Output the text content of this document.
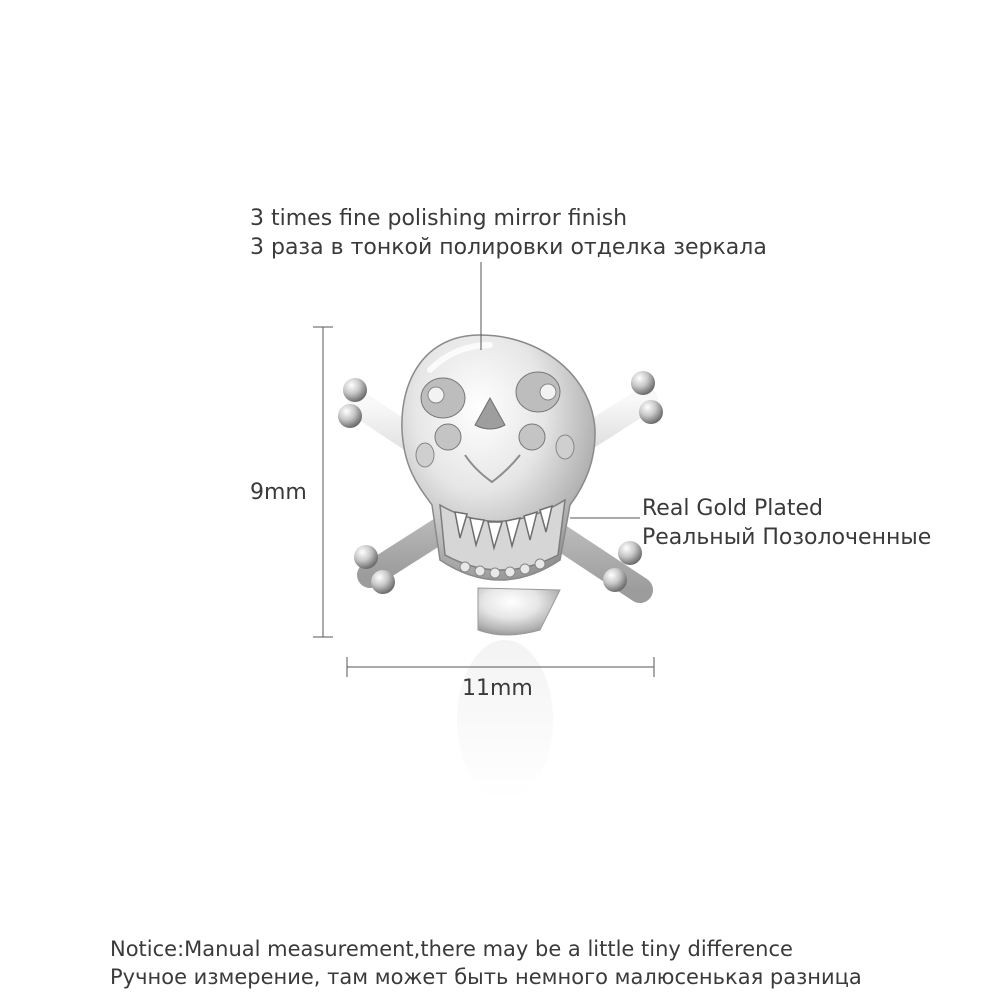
3 times fine polishing mirror finish
3 раза в тонкой полировки отделка зеркала
Real Gold Plated
Реальный Позолоченные
9mm
11mm
Notice:Manual measurement,there may be a little tiny difference
Ручное измерение, там может быть немного малюсенькая разница
